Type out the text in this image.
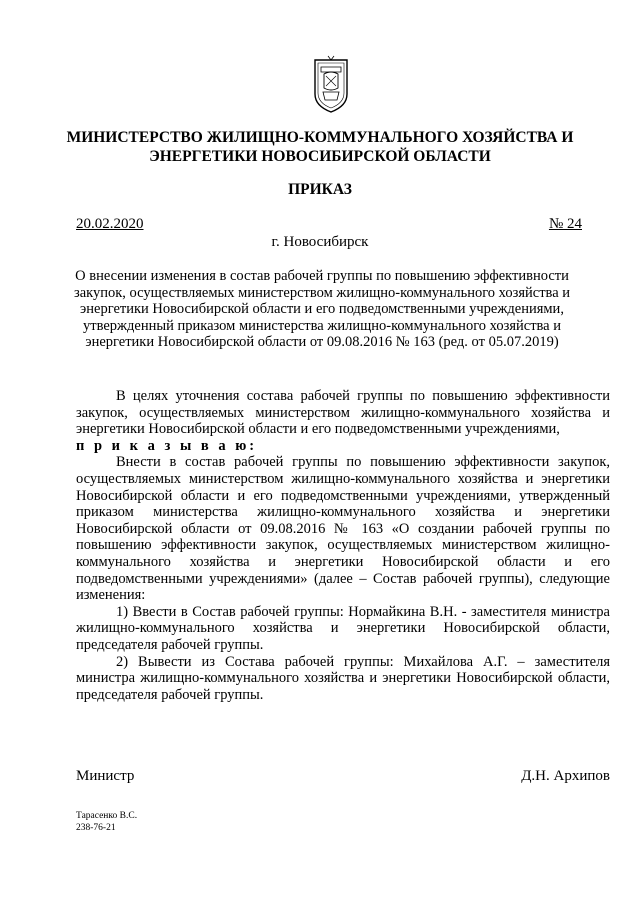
МИНИСТЕРСТВО ЖИЛИЩНО-КОММУНАЛЬНОГО ХОЗЯЙСТВА И
ЭНЕРГЕТИКИ НОВОСИБИРСКОЙ ОБЛАСТИ
ПРИКАЗ
20.02.2020	№ 24
г. Новосибирск

О внесении изменения в состав рабочей группы по повышению эффективности закупок, осуществляемых министерством жилищно-коммунального хозяйства и энергетики Новосибирской области и его подведомственными учреждениями, утвержденный приказом министерства жилищно-коммунального хозяйства и энергетики Новосибирской области от 09.08.2016 № 163 (ред. от 05.07.2019)

В целях уточнения состава рабочей группы по повышению эффективности закупок, осуществляемых министерством жилищно-коммунального хозяйства и энергетики Новосибирской области и его подведомственными учреждениями,

п р и к а з ы в а ю:

Внести в состав рабочей группы по повышению эффективности закупок, осуществляемых министерством жилищно-коммунального хозяйства и энергетики Новосибирской области и его подведомственными учреждениями, утвержденный приказом министерства жилищно-коммунального хозяйства и энергетики Новосибирской области от 09.08.2016 № 163 «О создании рабочей группы по повышению эффективности закупок, осуществляемых министерством жилищно-коммунального хозяйства и энергетики Новосибирской области и его подведомственными учреждениями» (далее – Состав рабочей группы), следующие изменения:

1) Ввести в Состав рабочей группы: Нормайкина В.Н. - заместителя министра жилищно-коммунального хозяйства и энергетики Новосибирской области, председателя рабочей группы.

2) Вывести из Состава рабочей группы: Михайлова А.Г. – заместителя министра жилищно-коммунального хозяйства и энергетики Новосибирской области, председателя рабочей группы.

Министр	Д.Н. Архипов
Тарасенко В.С.
238-76-21
